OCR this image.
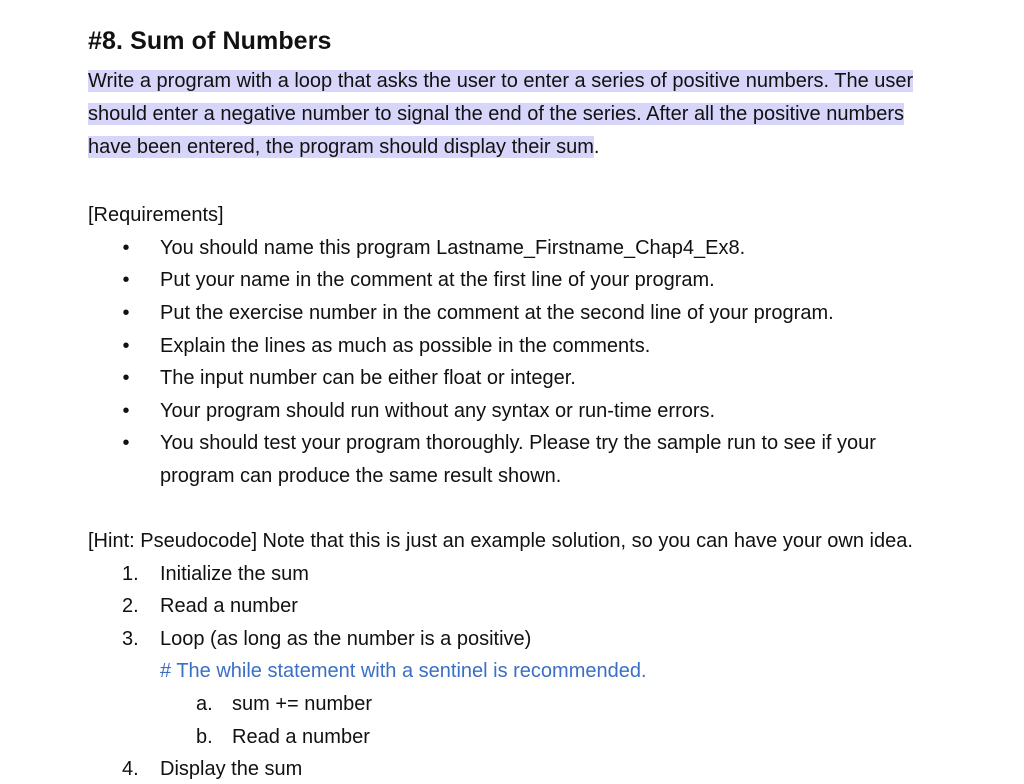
#8. Sum of Numbers
Write a program with a loop that asks the user to enter a series of positive numbers. The user
should enter a negative number to signal the end of the series. After all the positive numbers
have been entered, the program should display their sum.
[Requirements]
• You should name this program Lastname_Firstname_Chap4_Ex8.
• Put your name in the comment at the first line of your program.
• Put the exercise number in the comment at the second line of your program.
• Explain the lines as much as possible in the comments.
• The input number can be either float or integer.
• Your program should run without any syntax or run-time errors.
• You should test your program thoroughly. Please try the sample run to see if your
program can produce the same result shown.
[Hint: Pseudocode] Note that this is just an example solution, so you can have your own idea.
1. Initialize the sum
2. Read a number
3. Loop (as long as the number is a positive)
# The while statement with a sentinel is recommended.
a. sum += number
b. Read a number
4. Display the sum
